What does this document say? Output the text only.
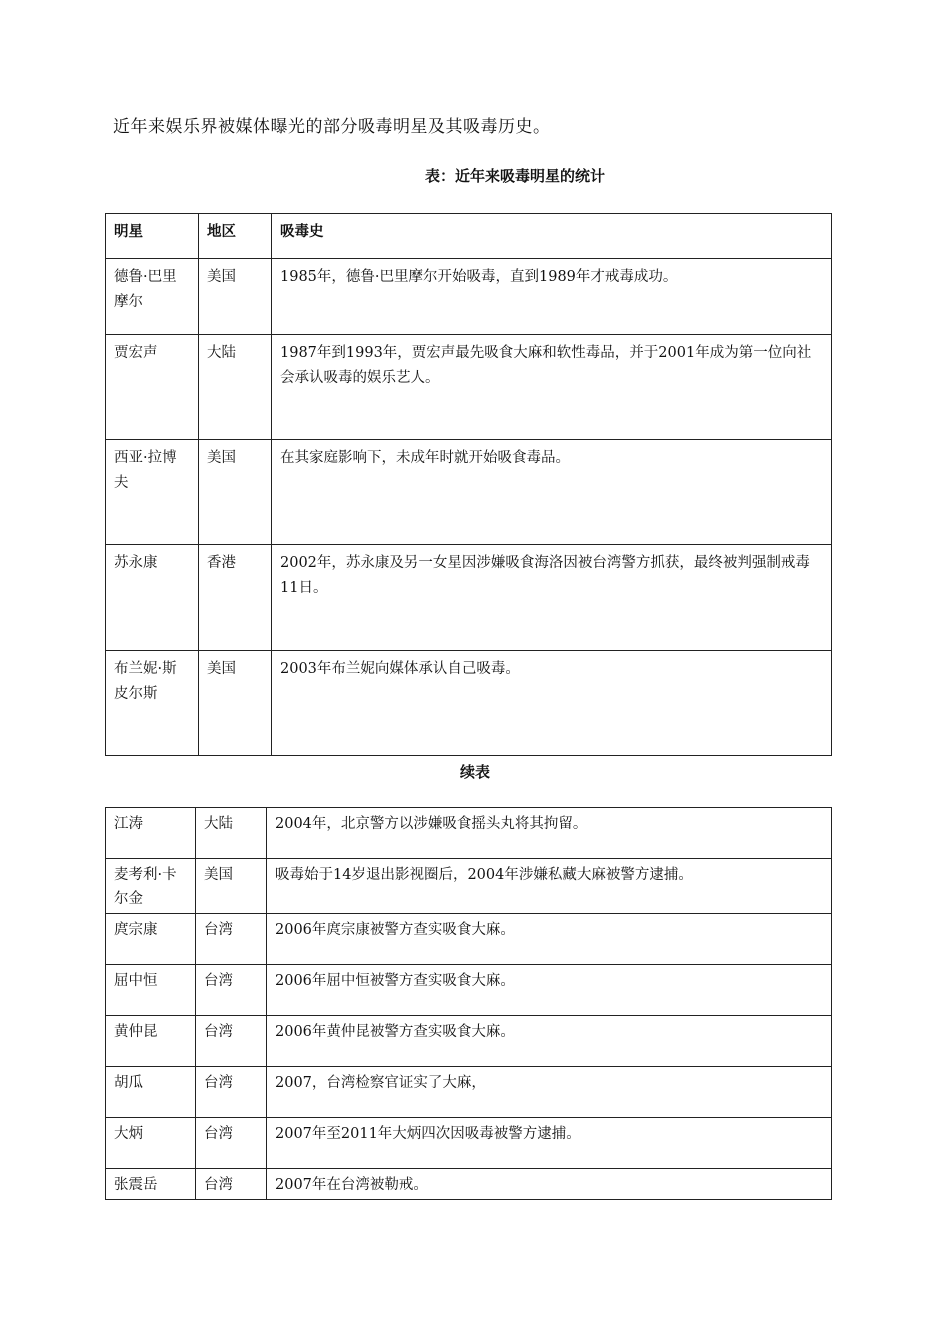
近年来娱乐界被媒体曝光的部分吸毒明星及其吸毒历史。
表：近年来吸毒明星的统计
明星	地区	吸毒史
德鲁·巴里摩尔	美国	1985年，德鲁·巴里摩尔开始吸毒，直到1989年才戒毒成功。
贾宏声	大陆	1987年到1993年，贾宏声最先吸食大麻和软性毒品，并于2001年成为第一位向社会承认吸毒的娱乐艺人。
西亚·拉博夫	美国	在其家庭影响下，未成年时就开始吸食毒品。
苏永康	香港	2002年，苏永康及另一女星因涉嫌吸食海洛因被台湾警方抓获，最终被判强制戒毒11日。
布兰妮·斯皮尔斯	美国	2003年布兰妮向媒体承认自己吸毒。
续表
江涛	大陆	2004年，北京警方以涉嫌吸食摇头丸将其拘留。
麦考利·卡尔金	美国	吸毒始于14岁退出影视圈后，2004年涉嫌私藏大麻被警方逮捕。
庹宗康	台湾	2006年庹宗康被警方查实吸食大麻。
屈中恒	台湾	2006年屈中恒被警方查实吸食大麻。
黄仲昆	台湾	2006年黄仲昆被警方查实吸食大麻。
胡瓜	台湾	2007，台湾检察官证实了大麻，
大炳	台湾	2007年至2011年大炳四次因吸毒被警方逮捕。
张震岳	台湾	2007年在台湾被勒戒。
